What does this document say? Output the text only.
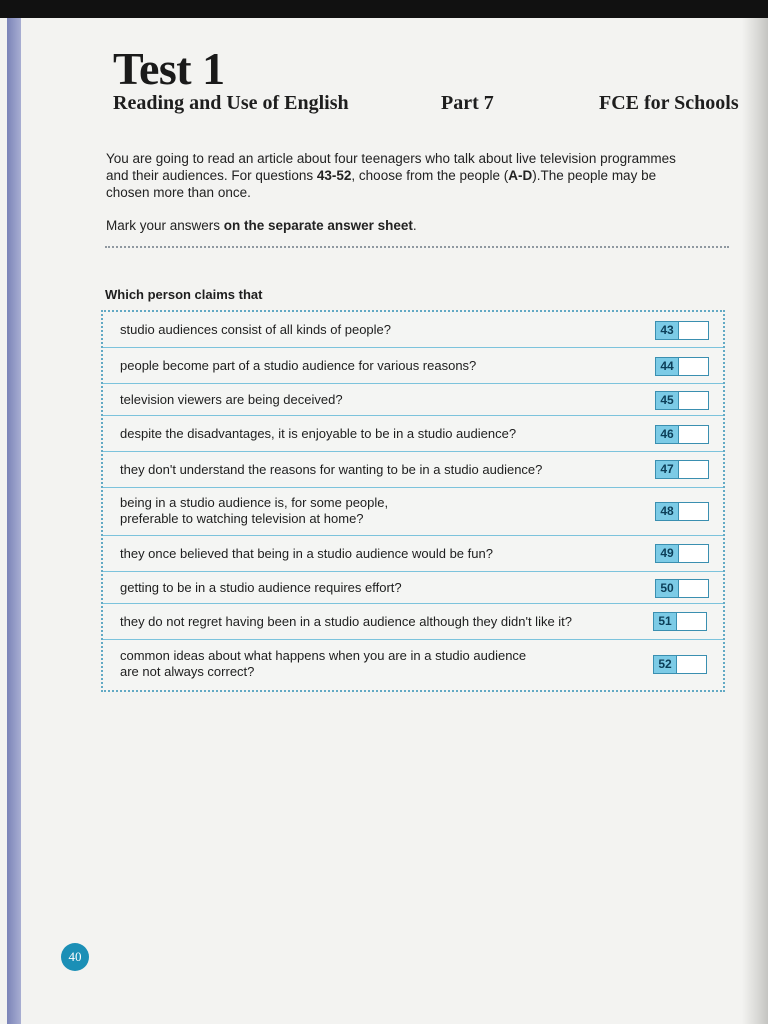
Test 1
Reading and Use of English	Part 7	FCE for Schools

You are going to read an article about four teenagers who talk about live television programmes
and their audiences. For questions 43-52, choose from the people (A-D).The people may be
chosen more than once.

Mark your answers on the separate answer sheet.

Which person claims that

studio audiences consist of all kinds of people?	43
people become part of a studio audience for various reasons?	44
television viewers are being deceived?	45
despite the disadvantages, it is enjoyable to be in a studio audience?	46
they don't understand the reasons for wanting to be in a studio audience?	47
being in a studio audience is, for some people,
preferable to watching television at home?	48
they once believed that being in a studio audience would be fun?	49
getting to be in a studio audience requires effort?	50
they do not regret having been in a studio audience although they didn't like it?	51
common ideas about what happens when you are in a studio audience
are not always correct?	52
40
